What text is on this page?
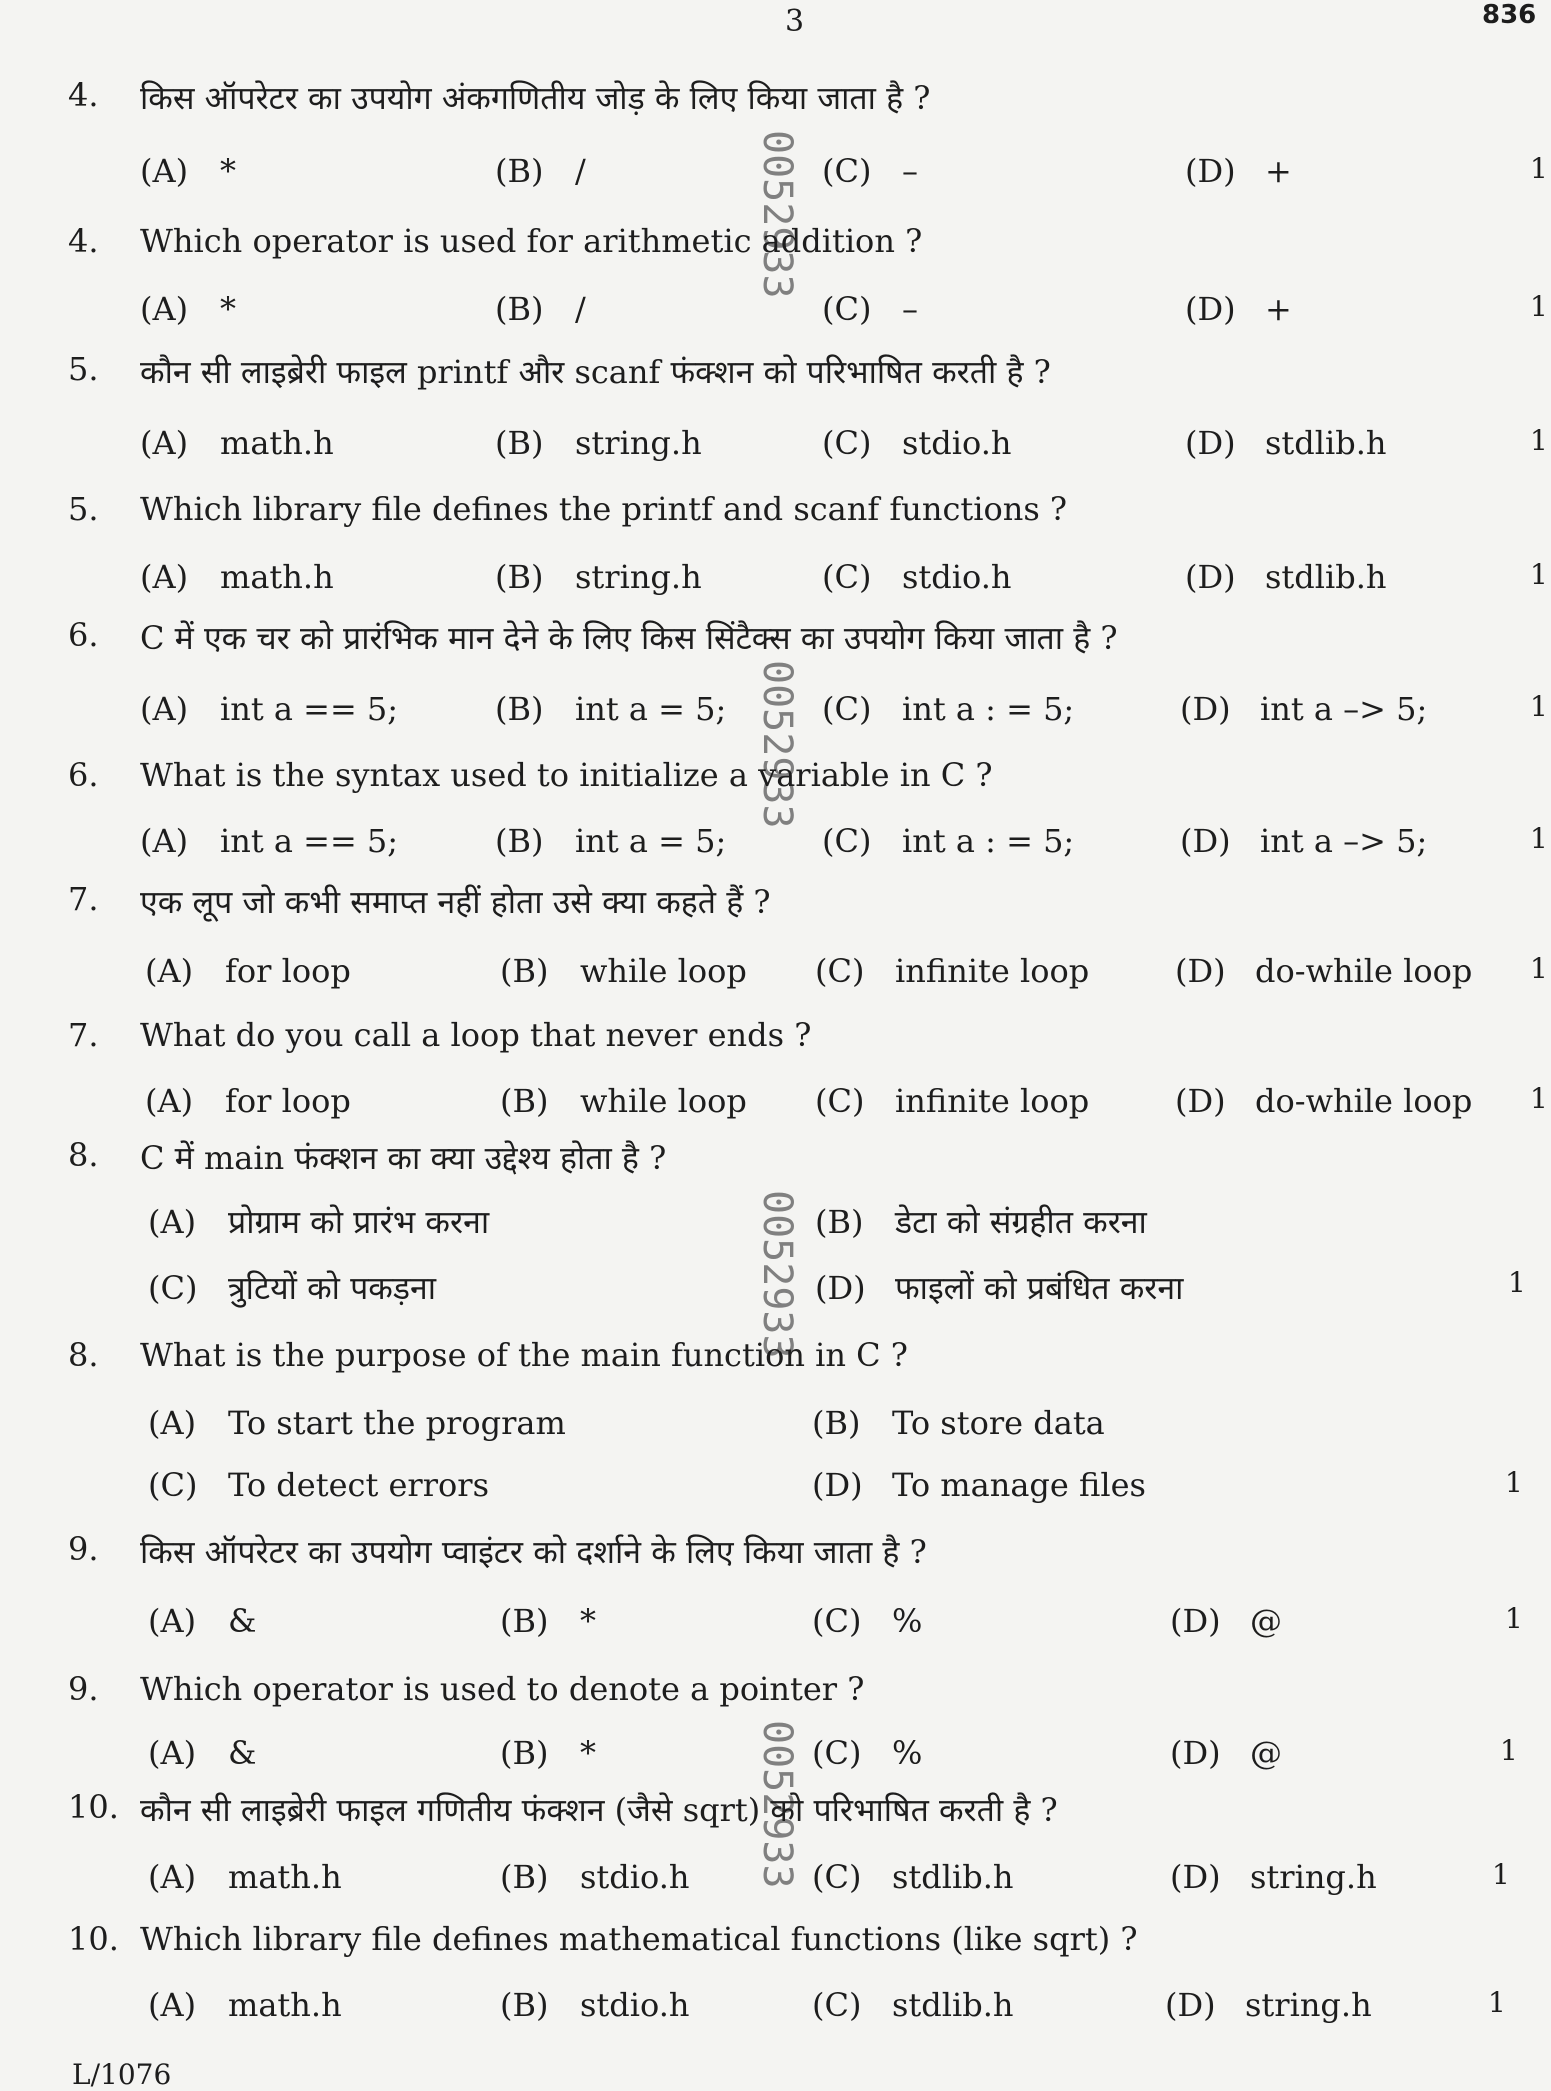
3	836
0052933
0052933
0052933
0052933
4. किस ऑपरेटर का उपयोग अंकगणितीय जोड़ के लिए किया जाता है ?
(A) *	(B) /	(C) –	(D) +	1
4. Which operator is used for arithmetic addition ?
(A) *	(B) /	(C) –	(D) +	1
5. कौन सी लाइब्रेरी फाइल printf और scanf फंक्शन को परिभाषित करती है ?
(A) math.h	(B) string.h	(C) stdio.h	(D) stdlib.h	1
5. Which library file defines the printf and scanf functions ?
(A) math.h	(B) string.h	(C) stdio.h	(D) stdlib.h	1
6. C में एक चर को प्रारंभिक मान देने के लिए किस सिंटैक्स का उपयोग किया जाता है ?
(A) int a == 5;	(B) int a = 5;	(C) int a : = 5;	(D) int a –> 5;	1
6. What is the syntax used to initialize a variable in C ?
(A) int a == 5;	(B) int a = 5;	(C) int a : = 5;	(D) int a –> 5;	1
7. एक लूप जो कभी समाप्त नहीं होता उसे क्या कहते हैं ?
(A) for loop	(B) while loop (C) infinite loop	(D) do-while loop 1
7. What do you call a loop that never ends ?
(A) for loop	(B) while loop (C) infinite loop	(D) do-while loop 1
8. C में main फंक्शन का क्या उद्देश्य होता है ?
(A) प्रोग्राम को प्रारंभ करना	(B) डेटा को संग्रहीत करना
(C) त्रुटियों को पकड़ना	(D) फाइलों को प्रबंधित करना	1
8. What is the purpose of the main function in C ?
(A) To start the program	(B) To store data
(C) To detect errors	(D) To manage files	1
9. किस ऑपरेटर का उपयोग प्वाइंटर को दर्शाने के लिए किया जाता है ?
(A) &	(B) *	(C) %	(D) @	1
9. Which operator is used to denote a pointer ?
(A) &	(B) *	(C) %	(D) @	1
10. कौन सी लाइब्रेरी फाइल गणितीय फंक्शन (जैसे sqrt) को परिभाषित करती है ?
(A) math.h	(B) stdio.h	(C) stdlib.h	(D) string.h	1
10. Which library file defines mathematical functions (like sqrt) ?
(A) math.h	(B) stdio.h	(C) stdlib.h	(D) string.h	1
L/1076
